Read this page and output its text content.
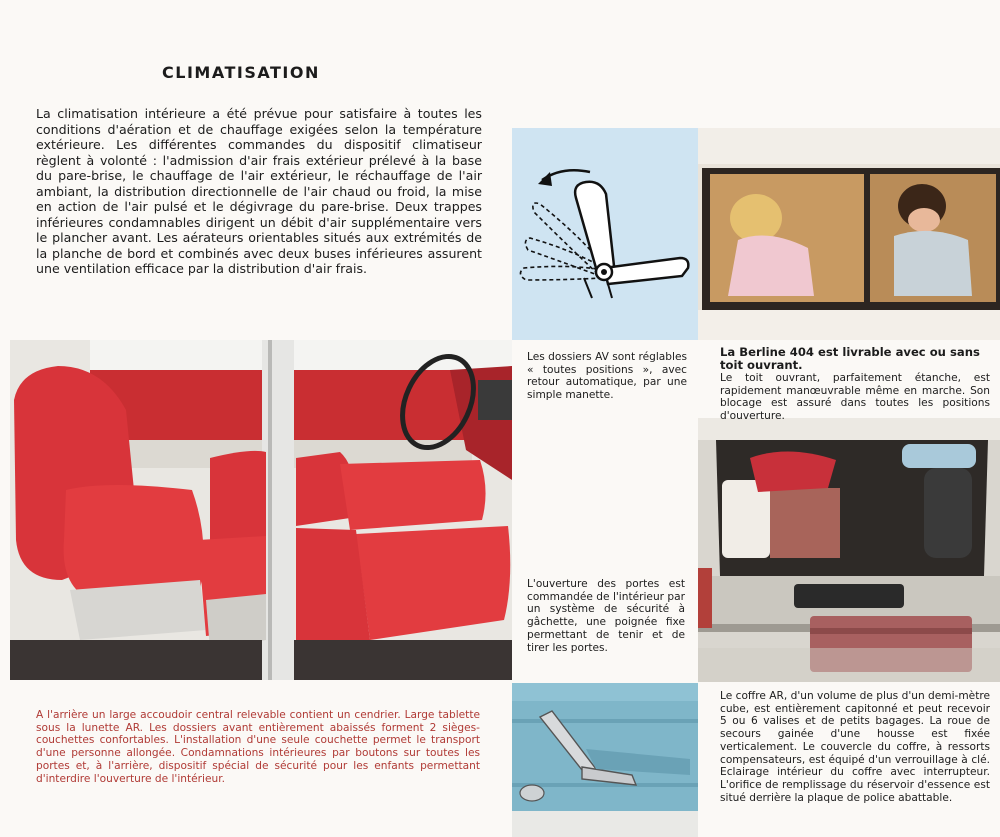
CLIMATISATION

La climatisation intérieure a été prévue pour satisfaire à toutes les conditions d'aération et de chauffage exigées selon la température extérieure. Les différentes commandes du dispositif climatiseur règlent à volonté : l'admission d'air frais extérieur prélevé à la base du pare-brise, le chauffage de l'air extérieur, le réchauffage de l'air ambiant, la distribution directionnelle de l'air chaud ou froid, la mise en action de l'air pulsé et le dégivrage du pare-brise. Deux trappes inférieures condamnables dirigent un débit d'air supplémentaire vers le plancher avant. Les aérateurs orientables situés aux extrémités de la planche de bord et combinés avec deux buses inférieures assurent une ventilation efficace par la distribution d'air frais.

Les dossiers AV sont réglables « toutes positions », avec retour automatique, par une simple manette.

La Berline 404 est livrable avec ou sans toit ouvrant.

Le toit ouvrant, parfaitement étanche, est rapidement manœuvrable même en marche. Son blocage est assuré dans toutes les positions d'ouverture.

L'ouverture des portes est commandée de l'intérieur par un système de sécurité à gâchette, une poignée fixe permettant de tenir et de tirer les portes.

Le coffre AR, d'un volume de plus d'un demi-mètre cube, est entièrement capitonné et peut recevoir 5 ou 6 valises et de petits bagages. La roue de secours gainée d'une housse est fixée verticalement. Le couvercle du coffre, à ressorts compensateurs, est équipé d'un verrouillage à clé. Eclairage intérieur du coffre avec interrupteur. L'orifice de remplissage du réservoir d'essence est situé derrière la plaque de police abattable.

A l'arrière un large accoudoir central relevable contient un cendrier. Large tablette sous la lunette AR. Les dossiers avant entièrement abaissés forment 2 sièges-couchettes confortables. L'installation d'une seule couchette permet le transport d'une personne allongée. Condamnations intérieures par boutons sur toutes les portes et, à l'arrière, dispositif spécial de sécurité pour les enfants permettant d'interdire l'ouverture de l'intérieur.
